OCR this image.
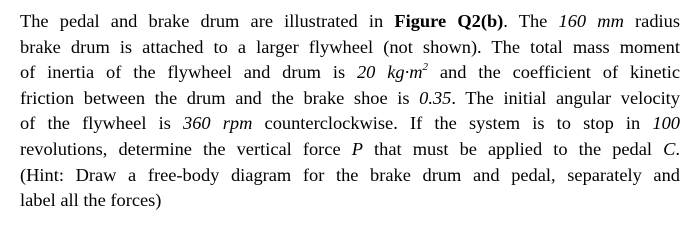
The pedal and brake drum are illustrated in Figure Q2(b). The 160 mm radius
brake drum is attached to a larger flywheel (not shown). The total mass moment
of inertia of the flywheel and drum is 20 $kg\cdot m^2$ and the coefficient of kinetic
friction between the drum and the brake shoe is 0.35. The initial angular velocity
of the flywheel is 360 rpm counterclockwise. If the system is to stop in 100
revolutions, determine the vertical force P that must be applied to the pedal C.
(Hint: Draw a free-body diagram for the brake drum and pedal, separately and
label all the forces)
